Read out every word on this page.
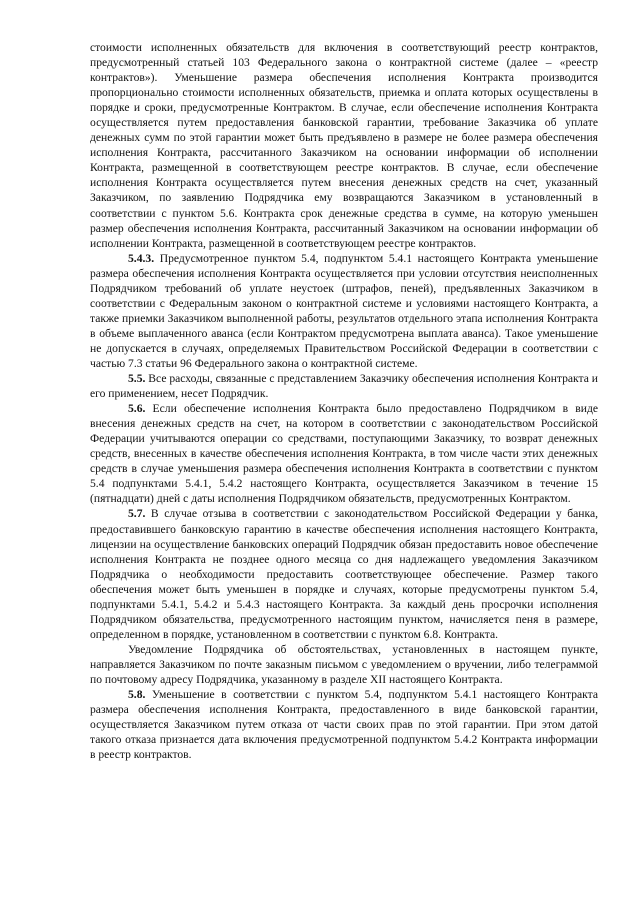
стоимости исполненных обязательств для включения в соответствующий реестр контрактов, предусмотренный статьей 103 Федерального закона о контрактной системе (далее – «реестр контрактов»). Уменьшение размера обеспечения исполнения Контракта производится пропорционально стоимости исполненных обязательств, приемка и оплата которых осуществлены в порядке и сроки, предусмотренные Контрактом. В случае, если обеспечение исполнения Контракта осуществляется путем предоставления банковской гарантии, требование Заказчика об уплате денежных сумм по этой гарантии может быть предъявлено в размере не более размера обеспечения исполнения Контракта, рассчитанного Заказчиком на основании информации об исполнении Контракта, размещенной в соответствующем реестре контрактов. В случае, если обеспечение исполнения Контракта осуществляется путем внесения денежных средств на счет, указанный Заказчиком, по заявлению Подрядчика ему возвращаются Заказчиком в установленный в соответствии с пунктом 5.6. Контракта срок денежные средства в сумме, на которую уменьшен размер обеспечения исполнения Контракта, рассчитанный Заказчиком на основании информации об исполнении Контракта, размещенной в соответствующем реестре контрактов.

5.4.3. Предусмотренное пунктом 5.4, подпунктом 5.4.1 настоящего Контракта уменьшение размера обеспечения исполнения Контракта осуществляется при условии отсутствия неисполненных Подрядчиком требований об уплате неустоек (штрафов, пеней), предъявленных Заказчиком в соответствии с Федеральным законом о контрактной системе и условиями настоящего Контракта, а также приемки Заказчиком выполненной работы, результатов отдельного этапа исполнения Контракта в объеме выплаченного аванса (если Контрактом предусмотрена выплата аванса). Такое уменьшение не допускается в случаях, определяемых Правительством Российской Федерации в соответствии с частью 7.3 статьи 96 Федерального закона о контрактной системе.

5.5. Все расходы, связанные с представлением Заказчику обеспечения исполнения Контракта и его применением, несет Подрядчик.

5.6. Если обеспечение исполнения Контракта было предоставлено Подрядчиком в виде внесения денежных средств на счет, на котором в соответствии с законодательством Российской Федерации учитываются операции со средствами, поступающими Заказчику, то возврат денежных средств, внесенных в качестве обеспечения исполнения Контракта, в том числе части этих денежных средств в случае уменьшения размера обеспечения исполнения Контракта в соответствии с пунктом 5.4 подпунктами 5.4.1, 5.4.2 настоящего Контракта, осуществляется Заказчиком в течение 15 (пятнадцати) дней с даты исполнения Подрядчиком обязательств, предусмотренных Контрактом.

5.7. В случае отзыва в соответствии с законодательством Российской Федерации у банка, предоставившего банковскую гарантию в качестве обеспечения исполнения настоящего Контракта, лицензии на осуществление банковских операций Подрядчик обязан предоставить новое обеспечение исполнения Контракта не позднее одного месяца со дня надлежащего уведомления Заказчиком Подрядчика о необходимости предоставить соответствующее обеспечение. Размер такого обеспечения может быть уменьшен в порядке и случаях, которые предусмотрены пунктом 5.4, подпунктами 5.4.1, 5.4.2 и 5.4.3 настоящего Контракта. За каждый день просрочки исполнения Подрядчиком обязательства, предусмотренного настоящим пунктом, начисляется пеня в размере, определенном в порядке, установленном в соответствии с пунктом 6.8. Контракта.

Уведомление Подрядчика об обстоятельствах, установленных в настоящем пункте, направляется Заказчиком по почте заказным письмом с уведомлением о вручении, либо телеграммой по почтовому адресу Подрядчика, указанному в разделе XII настоящего Контракта.

5.8. Уменьшение в соответствии с пунктом 5.4, подпунктом 5.4.1 настоящего Контракта размера обеспечения исполнения Контракта, предоставленного в виде банковской гарантии, осуществляется Заказчиком путем отказа от части своих прав по этой гарантии. При этом датой такого отказа признается дата включения предусмотренной подпунктом 5.4.2 Контракта информации в реестр контрактов.
